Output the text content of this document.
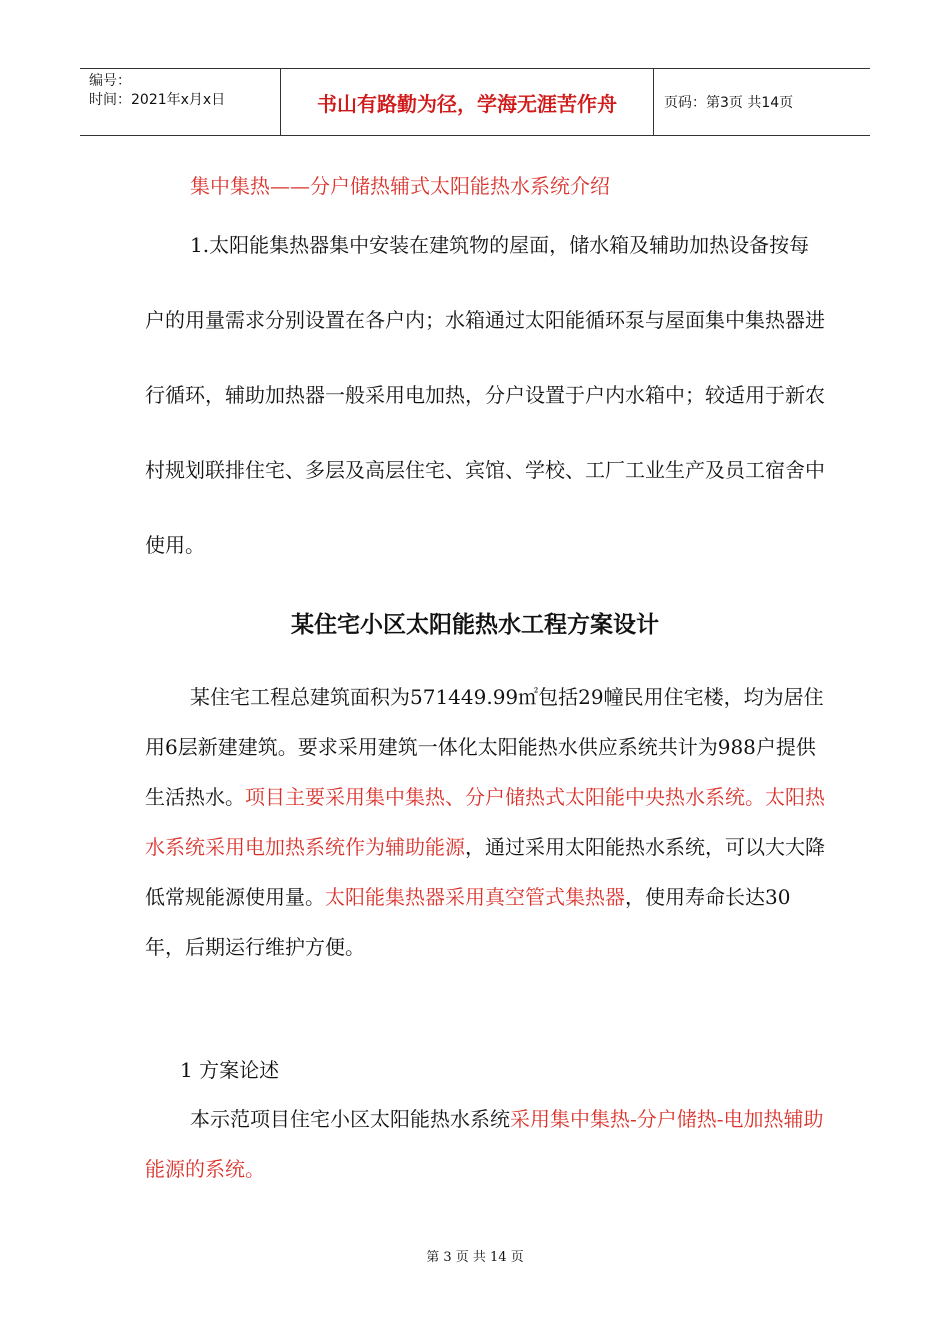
编号：
时间：2021年x月x日	书山有路勤为径，学海无涯苦作舟	页码：第3页 共14页
集中集热——分户储热辅式太阳能热水系统介绍
1.太阳能集热器集中安装在建筑物的屋面，储水箱及辅助加热设备按每户的用量需求分别设置在各户内；水箱通过太阳能循环泵与屋面集中集热器进行循环，辅助加热器一般采用电加热，分户设置于户内水箱中；较适用于新农村规划联排住宅、多层及高层住宅、宾馆、学校、工厂工业生产及员工宿舍中使用。
某住宅小区太阳能热水工程方案设计
某住宅工程总建筑面积为571449.99㎡包括29幢民用住宅楼，均为居住用6层新建建筑。要求采用建筑一体化太阳能热水供应系统共计为988户提供生活热水。项目主要采用集中集热、分户储热式太阳能中央热水系统。太阳热水系统采用电加热系统作为辅助能源，通过采用太阳能热水系统，可以大大降低常规能源使用量。太阳能集热器采用真空管式集热器，使用寿命长达30年，后期运行维护方便。
1 方案论述
本示范项目住宅小区太阳能热水系统采用集中集热-分户储热-电加热辅助能源的系统。
第 3 页 共 14 页
